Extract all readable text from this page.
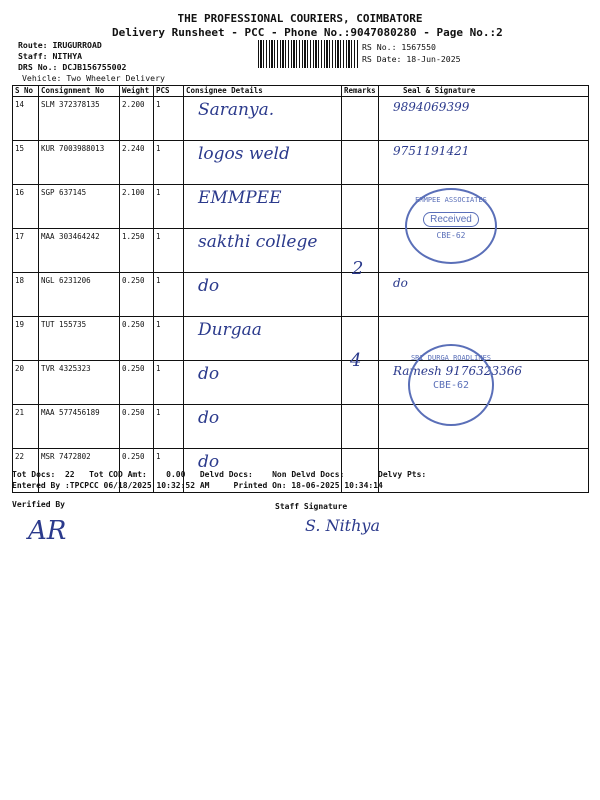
THE PROFESSIONAL COURIERS, COIMBATORE
Delivery Runsheet - PCC - Phone No.:9047080280 - Page No.:2
Route: IRUGURROAD
Staff: NITHYA
DRS No.: DCJB156755002
Vehicle: Two Wheeler Delivery
RS No.: 1567550
RS Date: 18-Jun-2025
S No	Consignment No	Weight	PCS	Consignee Details	Remarks	Seal & Signature
14	SLM 372378135	2.200	1	Saranya.		9894069399
15	KUR 7003988013	2.240	1	logos weld		9751191421
16	SGP 637145	2.100	1	EMMPEE		
17	MAA 303464242	1.250	1	sakthi college		
18	NGL 6231206	0.250	1	do		do
19	TUT 155735	0.250	1	Durgaa		
20	TVR 4325323	0.250	1	do		Ramesh 9176323366
21	MAA 577456189	0.250	1	do		
22	MSR 7472802	0.250	1	do		
2
4
EMMPEE ASSOCIATES
Received
CBE-62
SRI DURGA ROADLINES
CBE-62
Tot Docs:  22   Tot COD Amt:    0.00   Delvd Docs:    Non Delvd Docs:       Delvy Pts:
Entered By :TPCPCC 06/18/2025 10:32:52 AM     Printed On: 18-06-2025 10:34:14
Verified By	Staff Signature
AR	S. Nithya
